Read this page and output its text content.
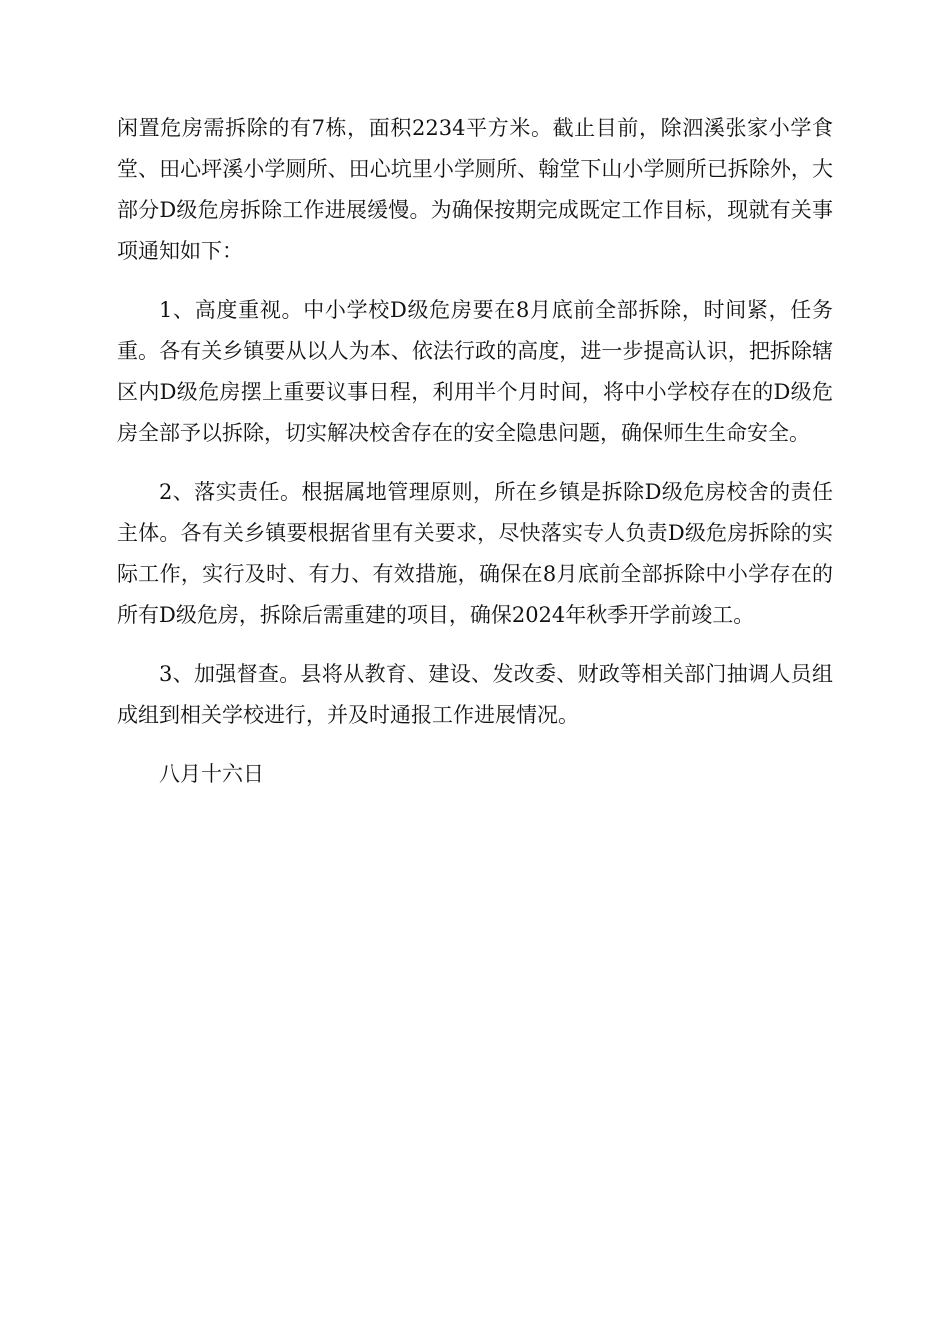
闲置危房需拆除的有7栋，面积2234平方米。截止目前，除泗溪张家小学食堂、田心坪溪小学厕所、田心坑里小学厕所、翰堂下山小学厕所已拆除外，大部分D级危房拆除工作进展缓慢。为确保按期完成既定工作目标，现就有关事项通知如下：

1、高度重视。中小学校D级危房要在8月底前全部拆除，时间紧，任务重。各有关乡镇要从以人为本、依法行政的高度，进一步提高认识，把拆除辖区内D级危房摆上重要议事日程，利用半个月时间，将中小学校存在的D级危房全部予以拆除，切实解决校舍存在的安全隐患问题，确保师生生命安全。

2、落实责任。根据属地管理原则，所在乡镇是拆除D级危房校舍的责任主体。各有关乡镇要根据省里有关要求，尽快落实专人负责D级危房拆除的实际工作，实行及时、有力、有效措施，确保在8月底前全部拆除中小学存在的所有D级危房，拆除后需重建的项目，确保2024年秋季开学前竣工。

3、加强督查。县将从教育、建设、发改委、财政等相关部门抽调人员组成组到相关学校进行，并及时通报工作进展情况。

八月十六日
